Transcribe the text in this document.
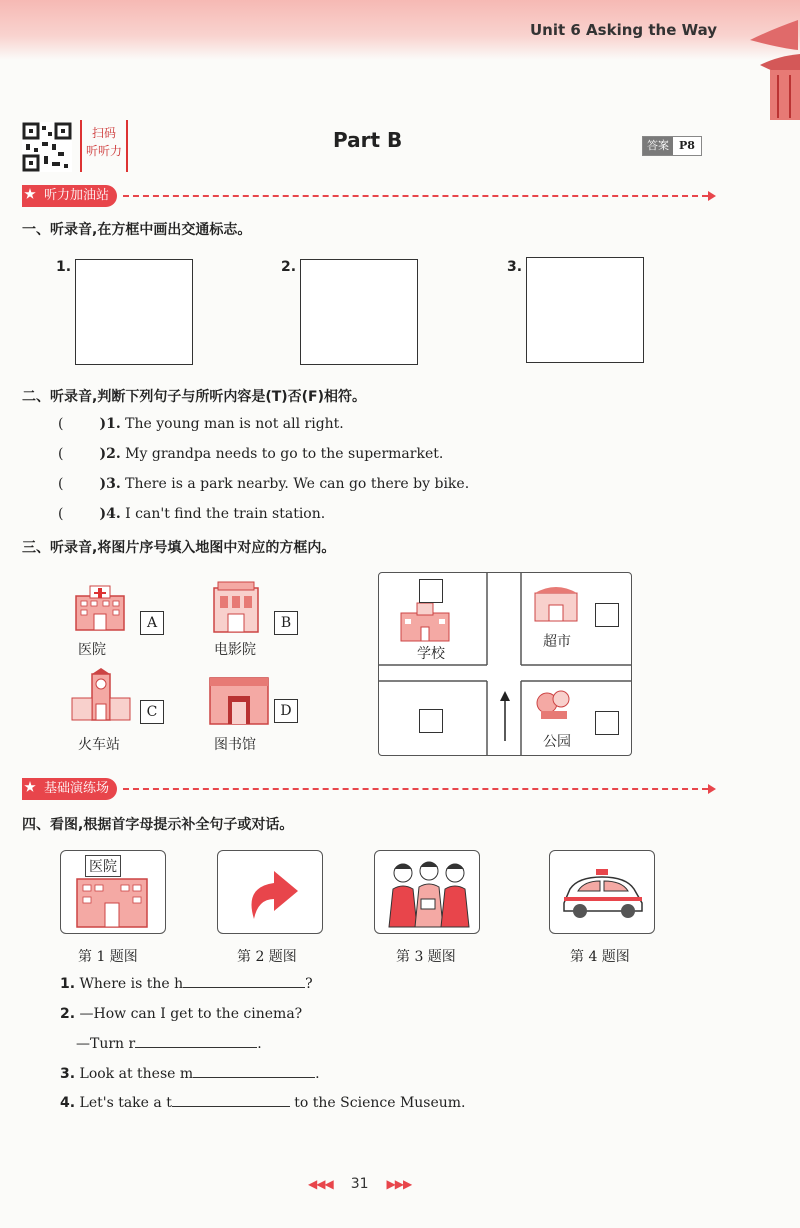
Unit 6 Asking the Way
扫码
听听力	Part B	答案 P8
听力加油站
一、听录音,在方框中画出交通标志。
1.	2.	3.
二、听录音,判断下列句子与所听内容是(T)否(F)相符。
(	)1. The young man is not all right.
(	)2. My grandpa needs to go to the supermarket.
(	)3. There is a park nearby. We can go there by bike.
(	)4. I can't find the train station.
三、听录音,将图片序号填入地图中对应的方框内。
A
医院
B
电影院
C
火车站
D
图书馆
学校
超市
公园
基础演练场
四、看图,根据首字母提示补全句子或对话。
医院
第 1 题图	第 2 题图	第 3 题图	第 4 题图
1. Where is the h	?
2. —How can I get to the cinema?
—Turn r	.
3. Look at these m	.
4. Let's take a t	to the Science Museum.
◀◀◀ 31 ▶▶▶
